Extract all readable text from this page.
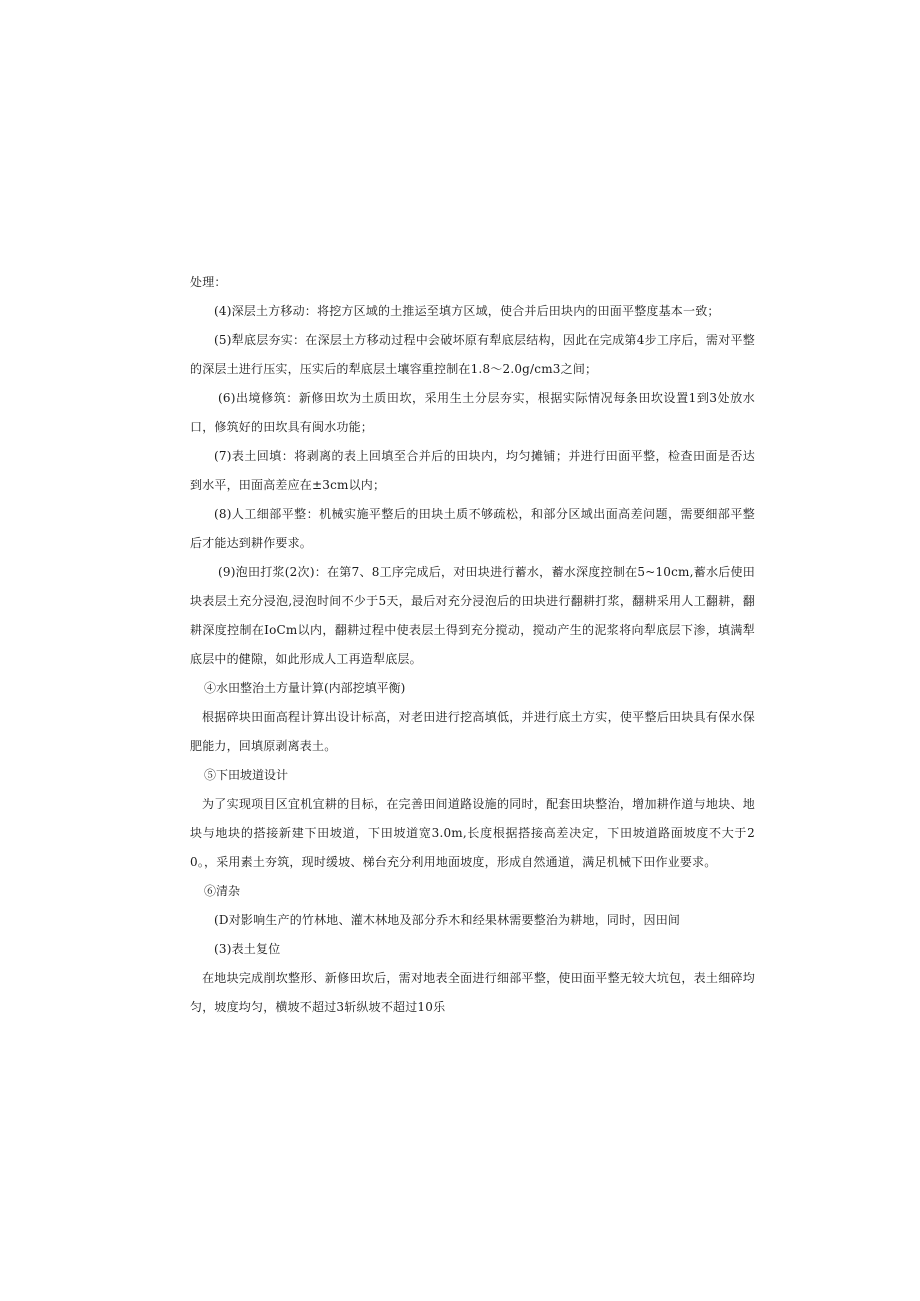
处理：

(4)深层土方移动：将挖方区域的土推运至填方区域，使合并后田块内的田面平整度基本一致；

(5)犁底层夯实：在深层土方移动过程中会破坏原有犁底层结构，因此在完成第4步工序后，需对平整的深层土进行压实，压实后的犁底层土壤容重控制在1.8～2.0g/cm3之间；

(6)出境修筑：新修田坎为土质田坎，采用生土分层夯实，根据实际情况每条田坎设置1到3处放水口，修筑好的田坎具有闽水功能；

(7)表土回填：将剥离的表上回填至合并后的田块内，均匀摊铺；并进行田面平整，检查田面是否达到水平，田面高差应在±3cm以内；

(8)人工细部平整：机械实施平整后的田块土质不够疏松，和部分区域出面高差问题，需要细部平整后才能达到耕作要求。

(9)泡田打浆(2次)：在第7、8工序完成后，对田块进行蓄水，蓄水深度控制在5~10cm,蓄水后使田块表层土充分浸泡,浸泡时间不少于5天，最后对充分浸泡后的田块进行翻耕打浆，翻耕采用人工翻耕，翻耕深度控制在IoCm以内，翻耕过程中使表层土得到充分搅动，搅动产生的泥浆将向犁底层下渗，填满犁底层中的健隙，如此形成人工再造犁底层。

④水田整治土方量计算(内部挖填平衡)

根据碎块田面高程计算出设计标高，对老田进行挖高填低，并进行底土方实，使平整后田块具有保水保肥能力，回填原剥离表土。

⑤下田坡道设计

为了实现项目区宜机宜耕的目标，在完善田间道路设施的同时，配套田块整治，增加耕作道与地块、地块与地块的搭接新建下田坡道，下田坡道宽3.0m,长度根据搭接高差决定，下田坡道路面坡度不大于20。，采用素土夯筑，现时缓坡、梯台充分利用地面坡度，形成自然通道，满足机械下田作业要求。

⑥清杂

(D对影响生产的竹林地、灌木林地及部分乔木和经果林需要整治为耕地，同时，因田间

(3)表土复位

在地块完成削坎整形、新修田坎后，需对地表全面进行细部平整，使田面平整无较大坑包，表土细碎均匀，坡度均匀，横坡不超过3斩纵坡不超过10乐
